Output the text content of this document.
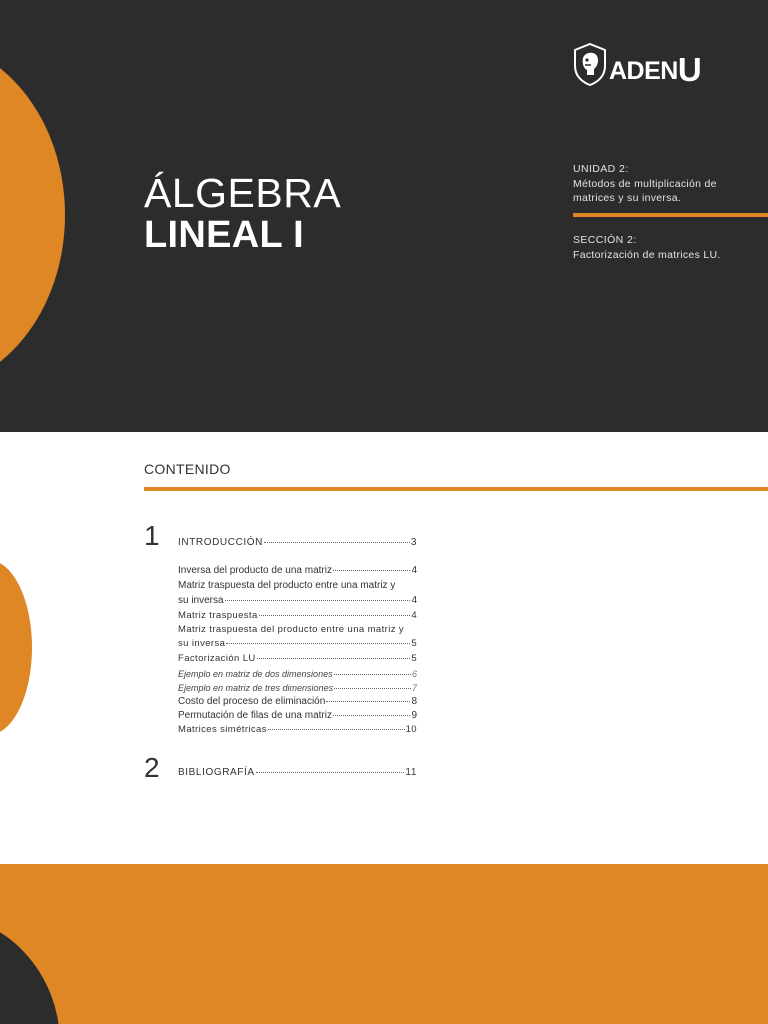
ADENU
ÁLGEBRA
LINEAL I
UNIDAD 2:
Métodos de multiplicación de matrices y su inversa.
SECCIÓN 2:
Factorización de matrices LU.
CONTENIDO
1 INTRODUCCIÓN	3
Inversa del producto de una matriz	4
Matriz traspuesta del producto entre una matriz y
su inversa	4
Matriz traspuesta	4
Matriz traspuesta del producto entre una matriz y
su inversa	5
Factorización LU	5
Ejemplo en matriz de dos dimensiones	6
Ejemplo en matriz de tres dimensiones	7
Costo del proceso de eliminación	8
Permutación de filas de una matriz	9
Matrices simétricas	10
2 BIBLIOGRAFÍA	11
